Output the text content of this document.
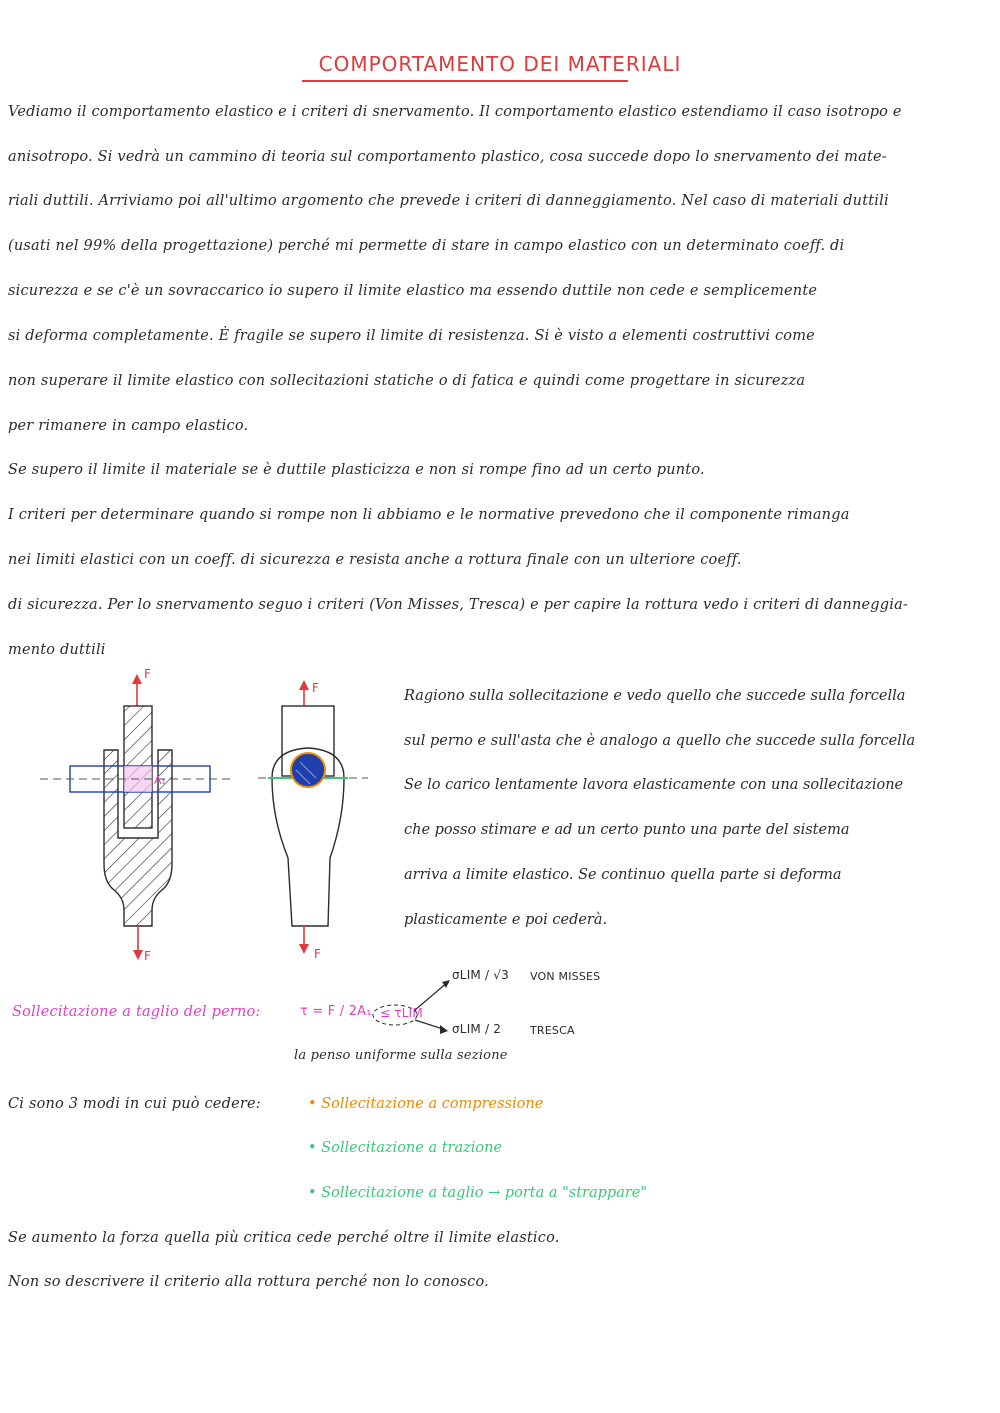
COMPORTAMENTO DEI MATERIALI
Vediamo il comportamento elastico e i criteri di snervamento. Il comportamento elastico estendiamo il caso isotropo e
anisotropo. Si vedrà un cammino di teoria sul comportamento plastico, cosa succede dopo lo snervamento dei mate-
riali duttili. Arriviamo poi all'ultimo argomento che prevede i criteri di danneggiamento. Nel caso di materiali duttili
(usati nel 99% della progettazione) perché mi permette di stare in campo elastico con un determinato coeff. di
sicurezza e se c'è un sovraccarico io supero il limite elastico ma essendo duttile non cede e semplicemente
si deforma completamente. È fragile se supero il limite di resistenza. Si è visto a elementi costruttivi come
non superare il limite elastico con sollecitazioni statiche o di fatica e quindi come progettare in sicurezza
per rimanere in campo elastico.
Se supero il limite il materiale se è duttile plasticizza e non si rompe fino ad un certo punto.
I criteri per determinare quando si rompe non li abbiamo e le normative prevedono che il componente rimanga
nei limiti elastici con un coeff. di sicurezza e resista anche a rottura finale con un ulteriore coeff.
di sicurezza. Per lo snervamento seguo i criteri (Von Misses, Tresca) e per capire la rottura vedo i criteri di danneggia-
mento duttili
F
A₁
F
F
F
Ragiono sulla sollecitazione e vedo quello che succede sulla forcella
sul perno e sull'asta che è analogo a quello che succede sulla forcella
Se lo carico lentamente lavora elasticamente con una sollecitazione
che posso stimare e ad un certo punto una parte del sistema
arriva a limite elastico. Se continuo quella parte si deforma
plasticamente e poi cederà.
Sollecitazione a taglio del perno:	τ = F / 2A₁ ≤ τLIM
σLIM / √3 VON MISSES
σLIM / 2	TRESCA
la penso uniforme sulla sezione
Ci sono 3 modi in cui può cedere:	• Sollecitazione a compressione
• Sollecitazione a trazione
• Sollecitazione a taglio → porta a "strappare"
Se aumento la forza quella più critica cede perché oltre il limite elastico.
Non so descrivere il criterio alla rottura perché non lo conosco.
